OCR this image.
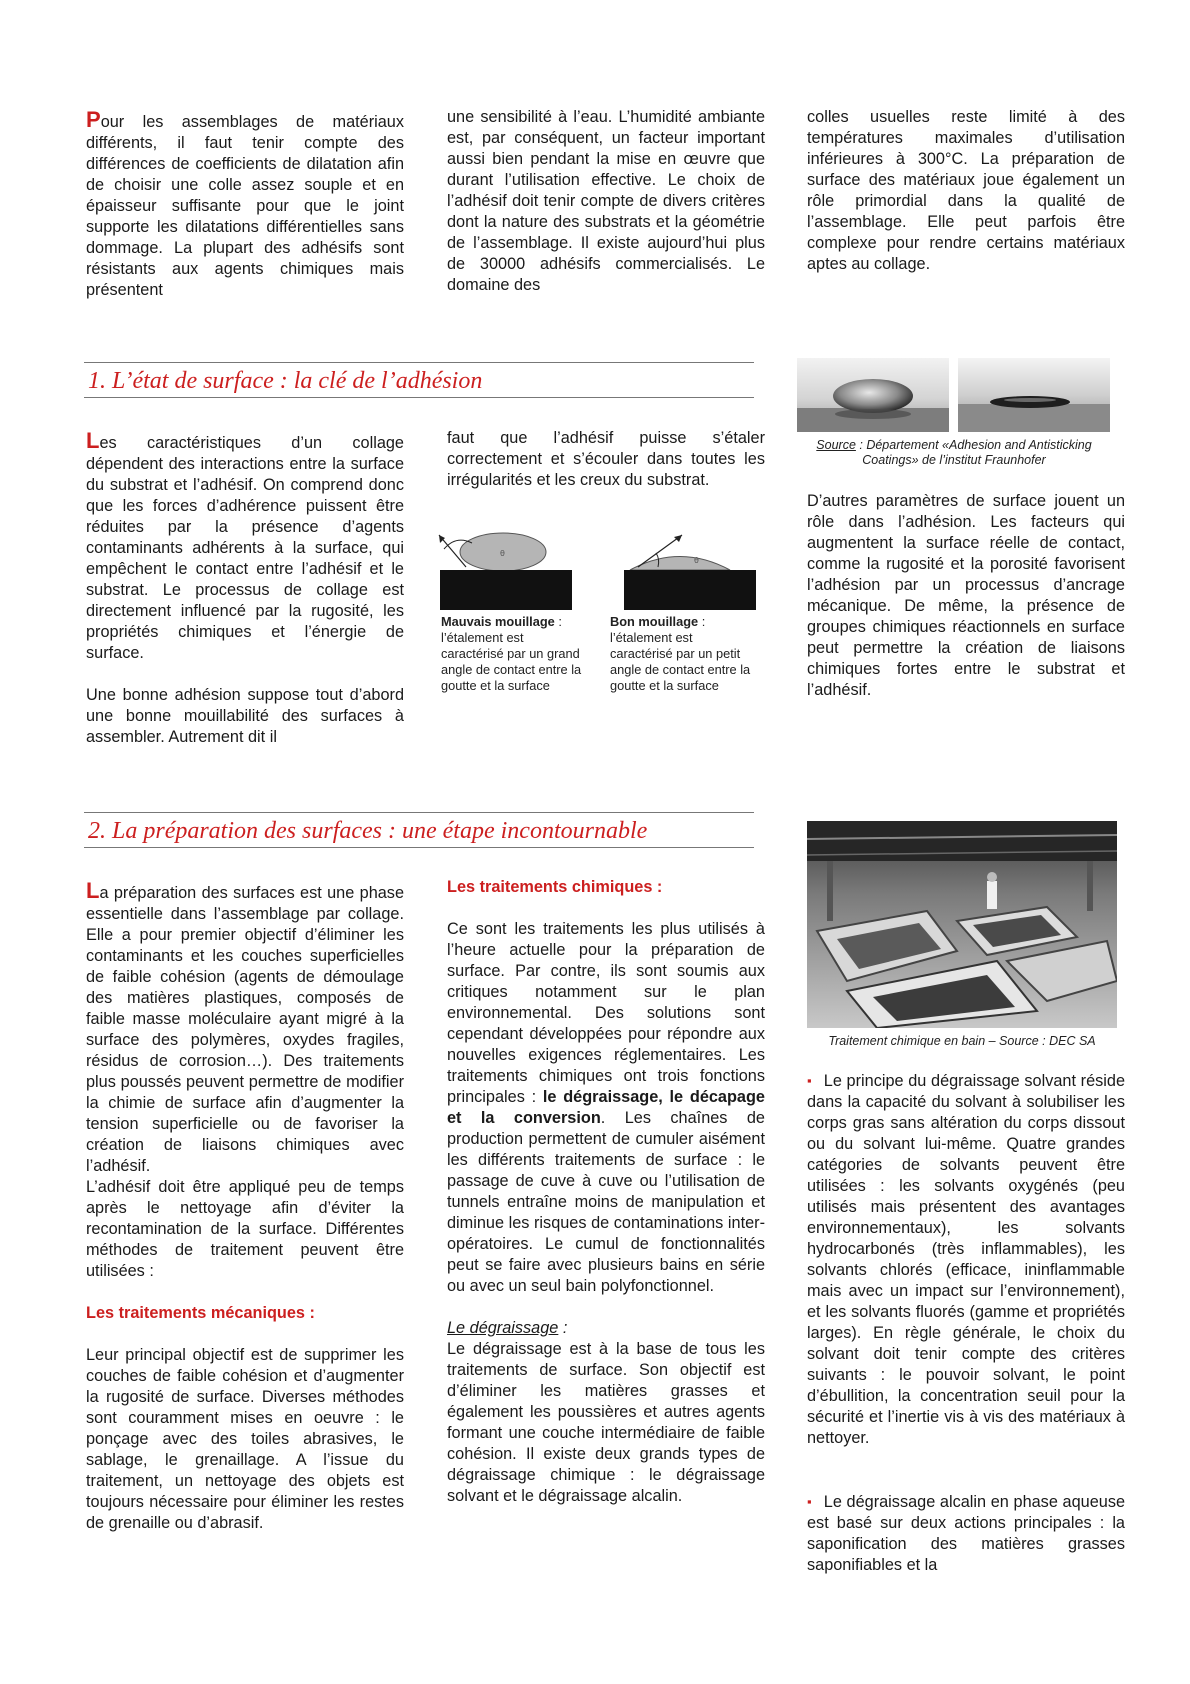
Pour les assemblages de matériaux différents, il faut tenir compte des différences de coefficients de dilatation afin de choisir une colle assez souple et en épaisseur suffisante pour que le joint supporte les dilatations différentielles sans dommage. La plupart des adhésifs sont résistants aux agents chimiques mais présentent

une sensibilité à l’eau. L’humidité ambiante est, par conséquent, un facteur important aussi bien pendant la mise en œuvre que durant l’utilisation effective. Le choix de l’adhésif doit tenir compte de divers critères dont la nature des substrats et la géométrie de l’assemblage. Il existe aujourd’hui plus de 30000 adhésifs commercialisés. Le domaine des

colles usuelles reste limité à des températures maximales d’utilisation inférieures à 300°C. La préparation de surface des matériaux joue également un rôle primordial dans la qualité de l’assemblage. Elle peut parfois être complexe pour rendre certains matériaux aptes au collage.

1. L’état de surface : la clé de l’adhésion

Les caractéristiques d’un collage dépendent des interactions entre la surface du substrat et l’adhésif. On comprend donc que les forces d’adhérence puissent être réduites par la présence d’agents contaminants adhérents à la surface, qui empêchent le contact entre l’adhésif et le substrat. Le processus de collage est directement influencé par la rugosité, les propriétés chimiques et l’énergie de surface.

Une bonne adhésion suppose tout d’abord une bonne mouillabilité des surfaces à assembler. Autrement dit il

faut que l’adhésif puisse s’étaler correctement et s’écouler dans toutes les irrégularités et les creux du substrat.

θ
θ
Mauvais mouillage :
l’étalement est caractérisé par un grand angle de contact entre la goutte et la surface
Bon mouillage :
l’étalement est caractérisé par un petit angle de contact entre la goutte et la surface
Source : Département «Adhesion and Antisticking Coatings» de l’institut Fraunhofer

D’autres paramètres de surface jouent un rôle dans l’adhésion. Les facteurs qui augmentent la surface réelle de contact, comme la rugosité et la porosité favorisent l’adhésion par un processus d’ancrage mécanique. De même, la présence de groupes chimiques réactionnels en surface peut permettre la création de liaisons chimiques fortes entre le substrat et l’adhésif.

2. La préparation des surfaces : une étape incontournable

La préparation des surfaces est une phase essentielle dans l’assemblage par collage. Elle a pour premier objectif d’éliminer les contaminants et les couches superficielles de faible cohésion (agents de démoulage des matières plastiques, composés de faible masse moléculaire ayant migré à la surface des polymères, oxydes fragiles, résidus de corrosion…). Des traitements plus poussés peuvent permettre de modifier la chimie de surface afin d’augmenter la tension superficielle ou de favoriser la création de liaisons chimiques avec l’adhésif.

L’adhésif doit être appliqué peu de temps après le nettoyage afin d’éviter la recontamination de la surface. Différentes méthodes de traitement peuvent être utilisées :

Les traitements mécaniques :

Leur principal objectif est de supprimer les couches de faible cohésion et d’augmenter la rugosité de surface. Diverses méthodes sont couramment mises en oeuvre : le ponçage avec des toiles abrasives, le sablage, le grenaillage. A l’issue du traitement, un nettoyage des objets est toujours nécessaire pour éliminer les restes de grenaille ou d’abrasif.

Les traitements chimiques :

Ce sont les traitements les plus utilisés à l’heure actuelle pour la préparation de surface. Par contre, ils sont soumis aux critiques notamment sur le plan environnemental. Des solutions sont cependant développées pour répondre aux nouvelles exigences réglementaires. Les traitements chimiques ont trois fonctions principales : le dégraissage, le décapage et la conversion. Les chaînes de production permettent de cumuler aisément les différents traitements de surface : le passage de cuve à cuve ou l’utilisation de tunnels entraîne moins de manipulation et diminue les risques de contaminations inter-opératoires. Le cumul de fonctionnalités peut se faire avec plusieurs bains en série ou avec un seul bain polyfonctionnel.

Le dégraissage :

Le dégraissage est à la base de tous les traitements de surface. Son objectif est d’éliminer les matières grasses et également les poussières et autres agents formant une couche intermédiaire de faible cohésion. Il existe deux grands types de dégraissage chimique : le dégraissage solvant et le dégraissage alcalin.

Traitement chimique en bain – Source : DEC SA

▪ Le principe du dégraissage solvant réside dans la capacité du solvant à solubiliser les corps gras sans altération du corps dissout ou du solvant lui-même. Quatre grandes catégories de solvants peuvent être utilisées : les solvants oxygénés (peu utilisés mais présentent des avantages environnementaux), les solvants hydrocarbonés (très inflammables), les solvants chlorés (efficace, ininflammable mais avec un impact sur l’environnement), et les solvants fluorés (gamme et propriétés larges). En règle générale, le choix du solvant doit tenir compte des critères suivants : le pouvoir solvant, le point d’ébullition, la concentration seuil pour la sécurité et l’inertie vis à vis des matériaux à nettoyer.

▪ Le dégraissage alcalin en phase aqueuse est basé sur deux actions principales : la saponification des matières grasses saponifiables et la
